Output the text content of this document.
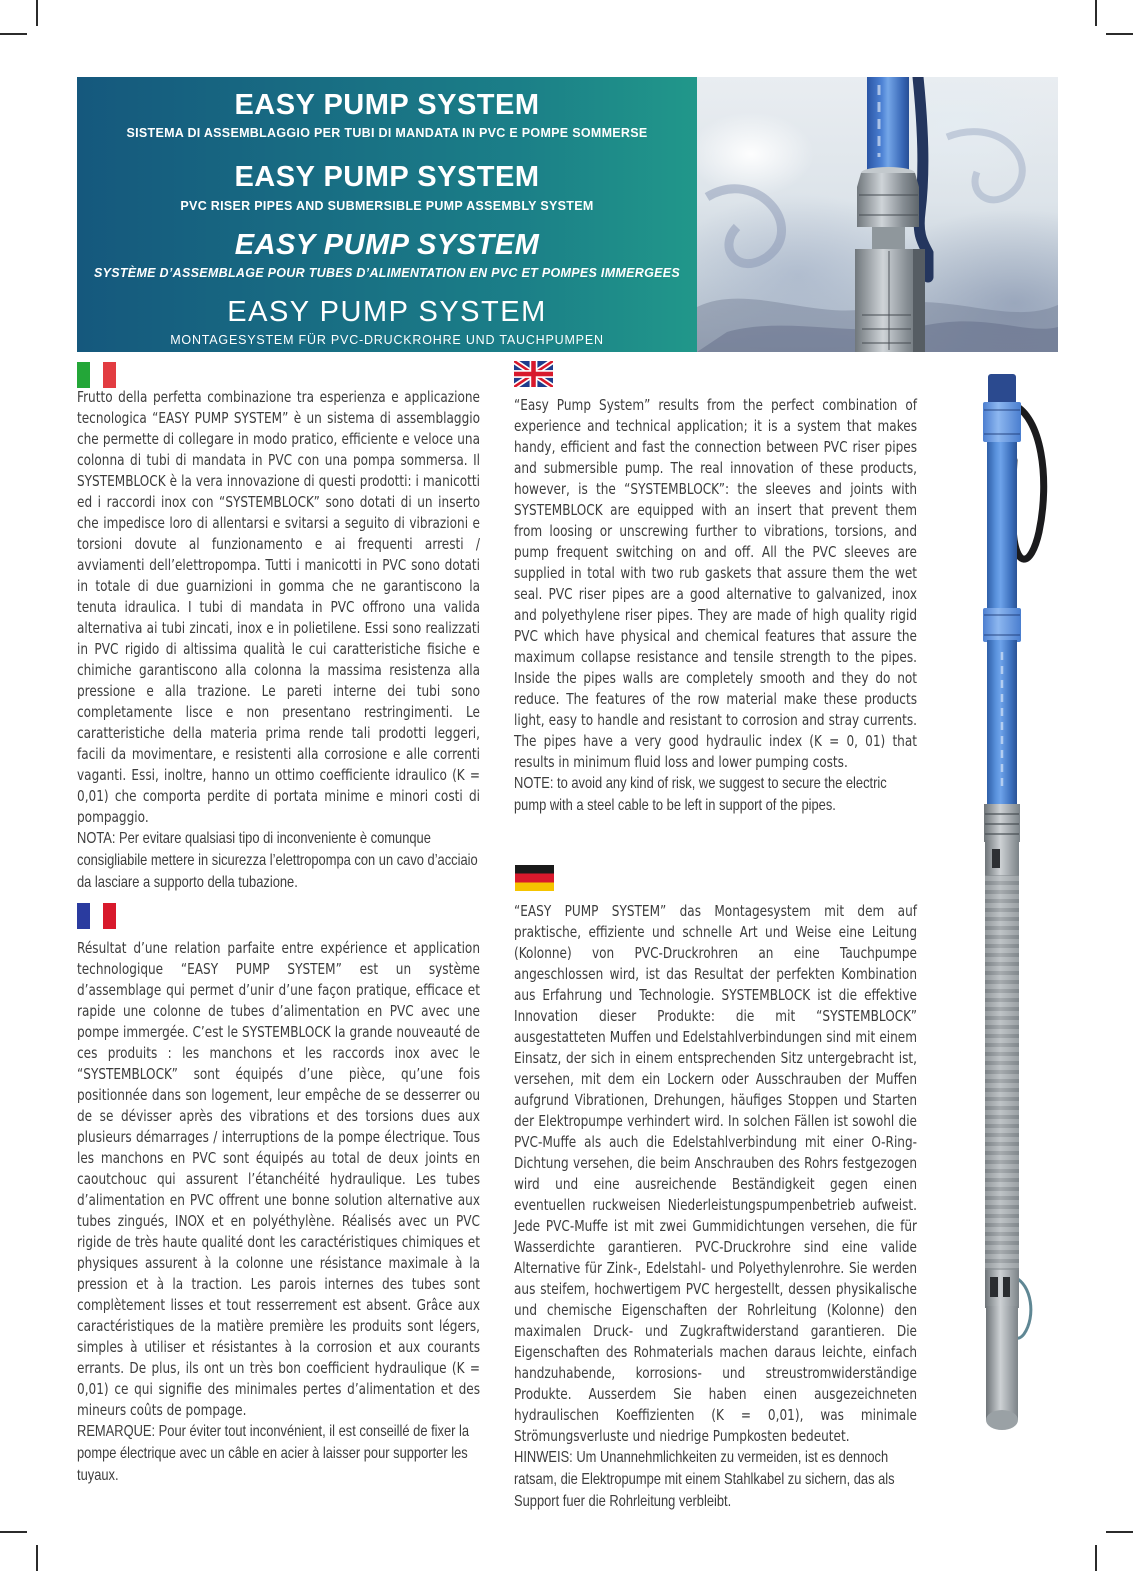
EASY PUMP SYSTEM
SISTEMA DI ASSEMBLAGGIO PER TUBI DI MANDATA IN PVC E POMPE SOMMERSE
EASY PUMP SYSTEM
PVC RISER PIPES AND SUBMERSIBLE PUMP ASSEMBLY SYSTEM
EASY PUMP SYSTEM
SYSTÈME D’ASSEMBLAGE POUR TUBES D’ALIMENTATION EN PVC ET POMPES IMMERGEES
EASY PUMP SYSTEM
MONTAGESYSTEM FÜR PVC-DRUCKROHRE UND TAUCHPUMPEN
Frutto della perfetta combinazione tra esperienza e applicazione tecnologica “EASY PUMP SYSTEM” è un sistema di assemblaggio che permette di collegare in modo pratico, efficiente e veloce una colonna di tubi di mandata in PVC con una pompa sommersa. Il SYSTEMBLOCK è la vera innovazione di questi prodotti: i manicotti ed i raccordi inox con “SYSTEMBLOCK” sono dotati di un inserto che impedisce loro di allentarsi e svitarsi a seguito di vibrazioni e torsioni dovute al funzionamento e ai frequenti arresti / avviamenti dell’elettropompa. Tutti i manicotti in PVC sono dotati in totale di due guarnizioni in gomma che ne garantiscono la tenuta idraulica. I tubi di mandata in PVC offrono una valida alternativa ai tubi zincati, inox e in polietilene. Essi sono realizzati in PVC rigido di altissima qualità le cui caratteristiche fisiche e chimiche garantiscono alla colonna la massima resistenza alla pressione e alla trazione. Le pareti interne dei tubi sono completamente lisce e non presentano restringimenti. Le caratteristiche della materia prima rende tali prodotti leggeri, facili da movimentare, e resistenti alla corrosione e alle correnti vaganti. Essi, inoltre, hanno un ottimo coefficiente idraulico (K = 0,01) che comporta perdite di portata minime e minori costi di pompaggio.
NOTA: Per evitare qualsiasi tipo di inconveniente è comunque consigliabile mettere in sicurezza l’elettropompa con un cavo d’acciaio da lasciare a supporto della tubazione.
“Easy Pump System” results from the perfect combination of experience and technical application; it is a system that makes handy, efficient and fast the connection between PVC riser pipes and submersible pump. The real innovation of these products, however, is the “SYSTEMBLOCK”: the sleeves and joints with SYSTEMBLOCK are equipped with an insert that prevent them from loosing or unscrewing further to vibrations, torsions, and pump frequent switching on and off. All the PVC sleeves are supplied in total with two rub gaskets that assure them the wet seal. PVC riser pipes are a good alternative to galvanized, inox and polyethylene riser pipes. They are made of high quality rigid PVC which have physical and chemical features that assure the maximum collapse resistance and tensile strength to the pipes. Inside the pipes walls are completely smooth and they do not reduce. The features of the row material make these products light, easy to handle and resistant to corrosion and stray currents. The pipes have a very good hydraulic index (K = 0, 01) that results in minimum fluid loss and lower pumping costs.
NOTE: to avoid any kind of risk, we suggest to secure the electric pump with a steel cable to be left in support of the pipes.
Résultat d’une relation parfaite entre expérience et application technologique “EASY PUMP SYSTEM” est un système d’assemblage qui permet d’unir d’une façon pratique, efficace et rapide une colonne de tubes d’alimentation en PVC avec une pompe immergée. C’est le SYSTEMBLOCK la grande nouveauté de ces produits : les manchons et les raccords inox avec le “SYSTEMBLOCK” sont équipés d’une pièce, qu’une fois positionnée dans son logement, leur empêche de se desserrer ou de se dévisser après des vibrations et des torsions dues aux plusieurs démarrages / interruptions de la pompe électrique. Tous les manchons en PVC sont équipés au total de deux joints en caoutchouc qui assurent l’étanchéité hydraulique. Les tubes d’alimentation en PVC offrent une bonne solution alternative aux tubes zingués, INOX et en polyéthylène. Réalisés avec un PVC rigide de très haute qualité dont les caractéristiques chimiques et physiques assurent à la colonne une résistance maximale à la pression et à la traction. Les parois internes des tubes sont complètement lisses et tout resserrement est absent. Grâce aux caractéristiques de la matière première les produits sont légers, simples à utiliser et résistantes à la corrosion et aux courants errants. De plus, ils ont un très bon coefficient hydraulique (K = 0,01) ce qui signifie des minimales pertes d’alimentation et des mineurs coûts de pompage.
REMARQUE: Pour éviter tout inconvénient, il est conseillé de fixer la pompe électrique avec un câble en acier à laisser pour supporter les tuyaux.
“EASY PUMP SYSTEM” das Montagesystem mit dem auf praktische, effiziente und schnelle Art und Weise eine Leitung (Kolonne) von PVC-Druckrohren an eine Tauchpumpe angeschlossen wird, ist das Resultat der perfekten Kombination aus Erfahrung und Technologie. SYSTEMBLOCK ist die effektive Innovation dieser Produkte: die mit “SYSTEMBLOCK” ausgestatteten Muffen und Edelstahlverbindungen sind mit einem Einsatz, der sich in einem entsprechenden Sitz untergebracht ist, versehen, mit dem ein Lockern oder Ausschrauben der Muffen aufgrund Vibrationen, Drehungen, häufiges Stoppen und Starten der Elektropumpe verhindert wird. In solchen Fällen ist sowohl die PVC-Muffe als auch die Edelstahlverbindung mit einer O-Ring-Dichtung versehen, die beim Anschrauben des Rohrs festgezogen wird und eine ausreichende Beständigkeit gegen einen eventuellen ruckweisen Niederleistungspumpenbetrieb aufweist. Jede PVC-Muffe ist mit zwei Gummidichtungen versehen, die für Wasserdichte garantieren. PVC-Druckrohre sind eine valide Alternative für Zink-, Edelstahl- und Polyethylenrohre. Sie werden aus steifem, hochwertigem PVC hergestellt, dessen physikalische und chemische Eigenschaften der Rohrleitung (Kolonne) den maximalen Druck- und Zugkraftwiderstand garantieren. Die Eigenschaften des Rohmaterials machen daraus leichte, einfach handzuhabende, korrosions- und streustromwiderständige Produkte. Ausserdem Sie haben einen ausgezeichneten hydraulischen Koeffizienten (K = 0,01), was minimale Strömungsverluste und niedrige Pumpkosten bedeutet.
HINWEIS: Um Unannehmlichkeiten zu vermeiden, ist es dennoch ratsam, die Elektropumpe mit einem Stahlkabel zu sichern, das als Support fuer die Rohrleitung verbleibt.
